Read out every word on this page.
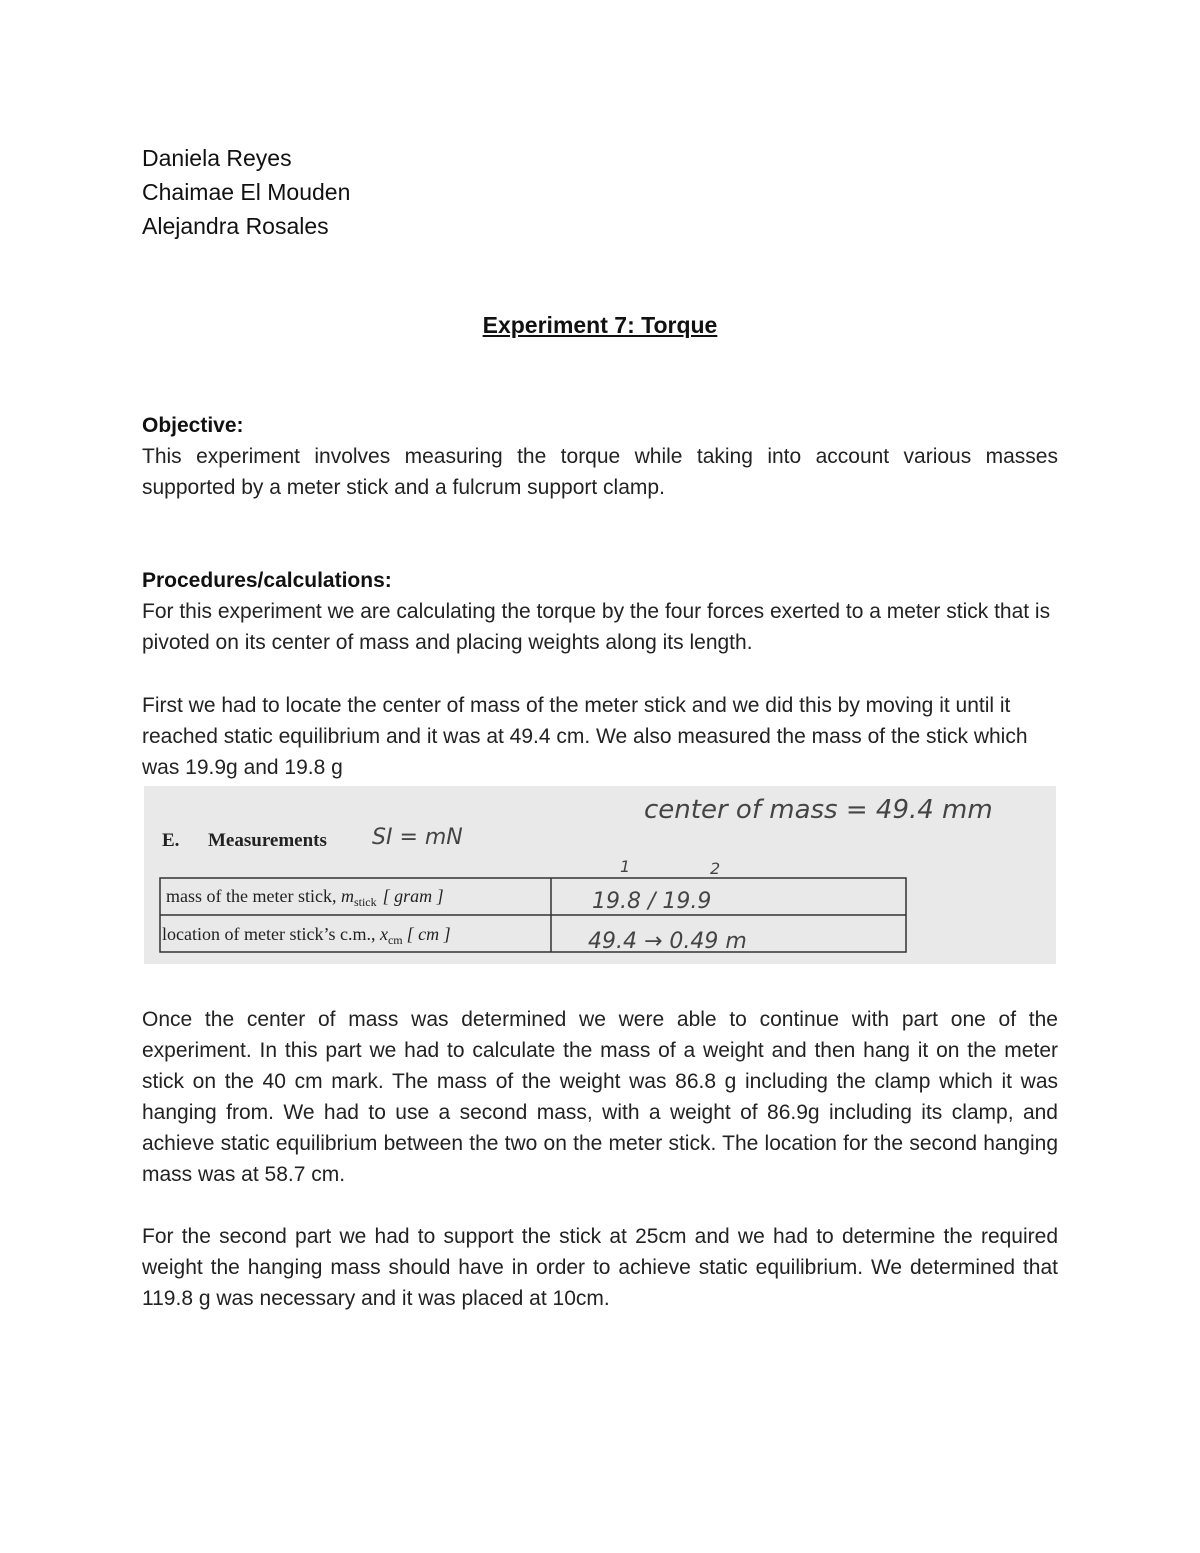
Daniela Reyes
Chaimae El Mouden
Alejandra Rosales
Experiment 7: Torque
Objective:
This experiment involves measuring the torque while taking into account various masses supported by a meter stick and a fulcrum support clamp.
Procedures/calculations:
For this experiment we are calculating the torque by the four forces exerted to a meter stick that is pivoted on its center of mass and placing weights along its length.
First we had to locate the center of mass of the meter stick and we did this by moving it until it reached static equilibrium and it was at 49.4 cm. We also measured the mass of the stick which was 19.9g and 19.8 g
center of mass = 49.4 mm
E. Measurements SI = mN
1	2
mass of the meter stick, $m_{stick}$ [ gram ]	19.8 / 19.9
location of meter stick’s c.m., $x_{cm}$ [ cm ]	49.4 → 0.49 m
Once the center of mass was determined we were able to continue with part one of the experiment. In this part we had to calculate the mass of a weight and then hang it on the meter stick on the 40 cm mark. The mass of the weight was 86.8 g including the clamp which it was hanging from. We had to use a second mass, with a weight of 86.9g including its clamp, and achieve static equilibrium between the two on the meter stick. The location for the second hanging mass was at 58.7 cm.
For the second part we had to support the stick at 25cm and we had to determine the required weight the hanging mass should have in order to achieve static equilibrium. We determined that 119.8 g was necessary and it was placed at 10cm.
